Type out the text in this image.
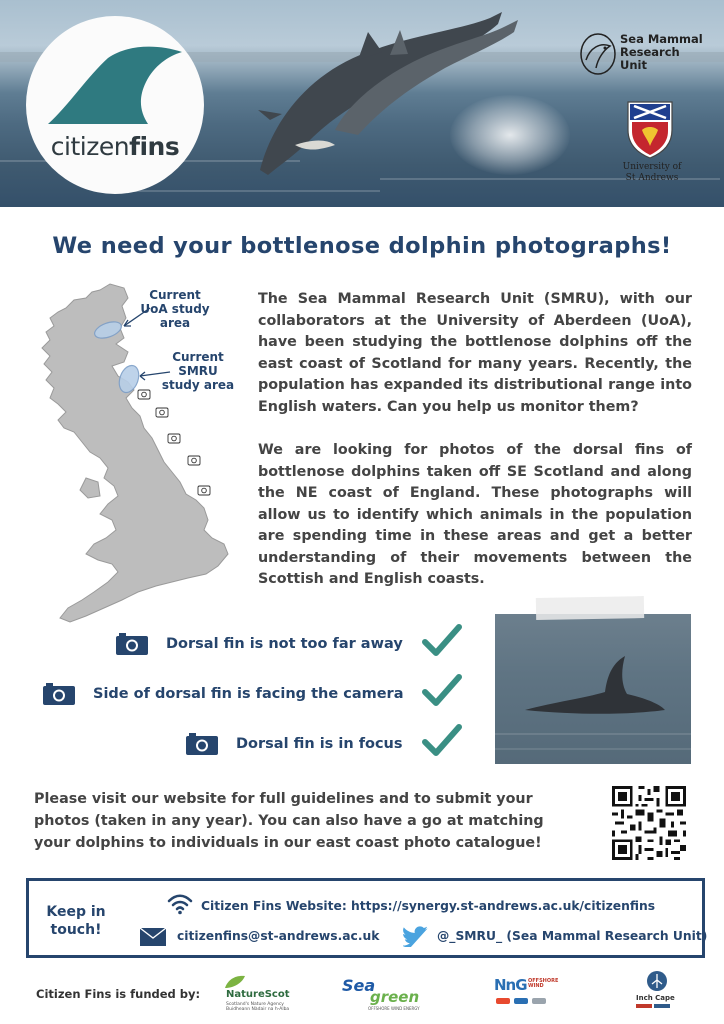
citizenfins
Sea Mammal
Research
Unit
University of
St Andrews
We need your bottlenose dolphin photographs!
Current
UoA study
area
Current
SMRU
study area

The Sea Mammal Research Unit (SMRU), with our collaborators at the University of Aberdeen (UoA), have been studying the bottlenose dolphins off the east coast of Scotland for many years. Recently, the population has expanded its distributional range into English waters. Can you help us monitor them?

We are looking for photos of the dorsal fins of bottlenose dolphins taken off SE Scotland and along the NE coast of England. These photographs will allow us to identify which animals in the population are spending time in these areas and get a better understanding of their movements between the Scottish and English coasts.

Dorsal fin is not too far away
Side of dorsal fin is facing the camera
Dorsal fin is in focus

Please visit our website for full guidelines and to submit your photos (taken in any year). You can also have a go at matching your dolphins to individuals in our east coast photo catalogue!

Keep in touch!
Citizen Fins Website: https://synergy.st-andrews.ac.uk/citizenfins
citizenfins@st-andrews.ac.uk	@_SMRU_ (Sea Mammal Research Unit)
Citizen Fins is funded by:	NatureScot
Scotland's Nature Agency
Buidheann Nàdair na h-Alba
Sea
green
OFFSHORE WIND ENERGY
NnG OFFSHORE WIND
Inch Cape
